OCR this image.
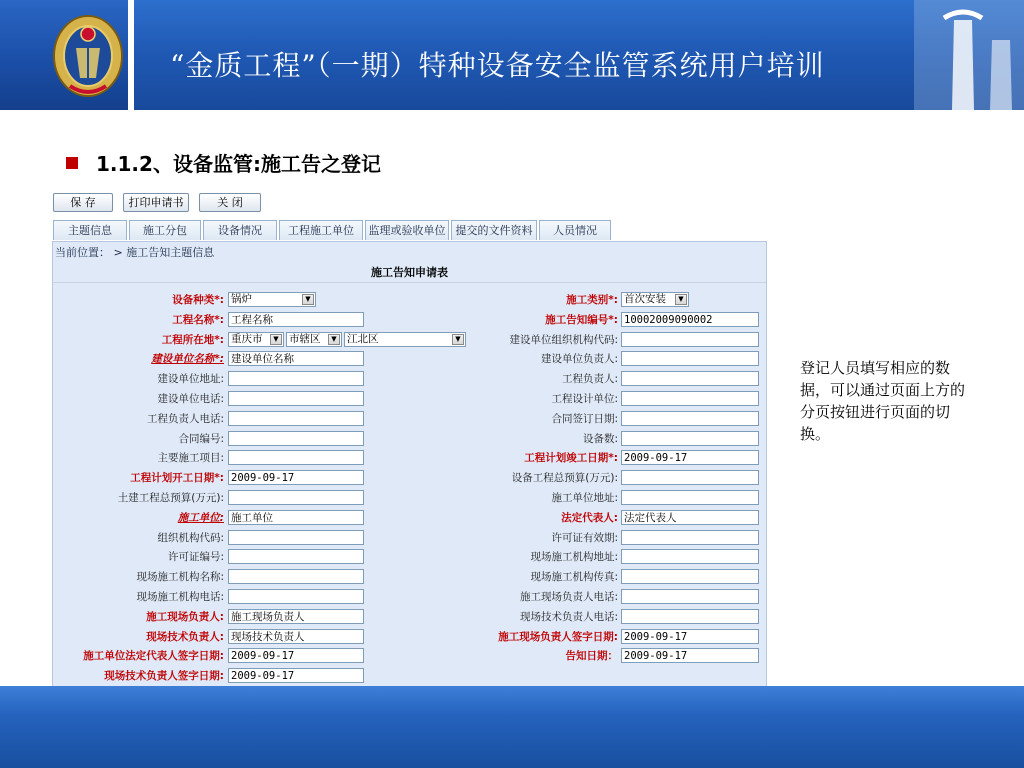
“金质工程”（一期）特种设备安全监管系统用户培训
1.1.2、设备监管:施工告之登记
保 存	打印申请书	关 闭
主题信息	施工分包	设备情况	工程施工单位	监理或验收单位 提交的文件资料	人员情况
当前位置： > 施工告知主题信息
施工告知申请表
设备种类*: 锅炉	▼
工程名称*: 工程名称
工程所在地*: 重庆市	▼ 市辖区	▼ 江北区	▼
建设单位名称*: 建设单位名称
建设单位地址:
建设单位电话:
工程负责人电话:
合同编号:
主要施工项目:
工程计划开工日期*: 2009-09-17
土建工程总预算(万元):
施工单位: 施工单位
组织机构代码:
许可证编号:
现场施工机构名称:
现场施工机构电话:
施工现场负责人: 施工现场负责人
现场技术负责人: 现场技术负责人
施工单位法定代表人签字日期: 2009-09-17
现场技术负责人签字日期: 2009-09-17
施工类别*: 首次安装	▼
施工告知编号*: 10002009090002
建设单位组织机构代码:
建设单位负责人:
工程负责人:
工程设计单位:
合同签订日期:
设备数:
工程计划竣工日期*: 2009-09-17
设备工程总预算(万元):
施工单位地址:
法定代表人: 法定代表人
许可证有效期:
现场施工机构地址:
现场施工机构传真:
施工现场负责人电话:
现场技术负责人电话:
施工现场负责人签字日期: 2009-09-17
告知日期： 2009-09-17
登记人员填写相应的数据，可以通过页面上方的分页按钮进行页面的切换。
